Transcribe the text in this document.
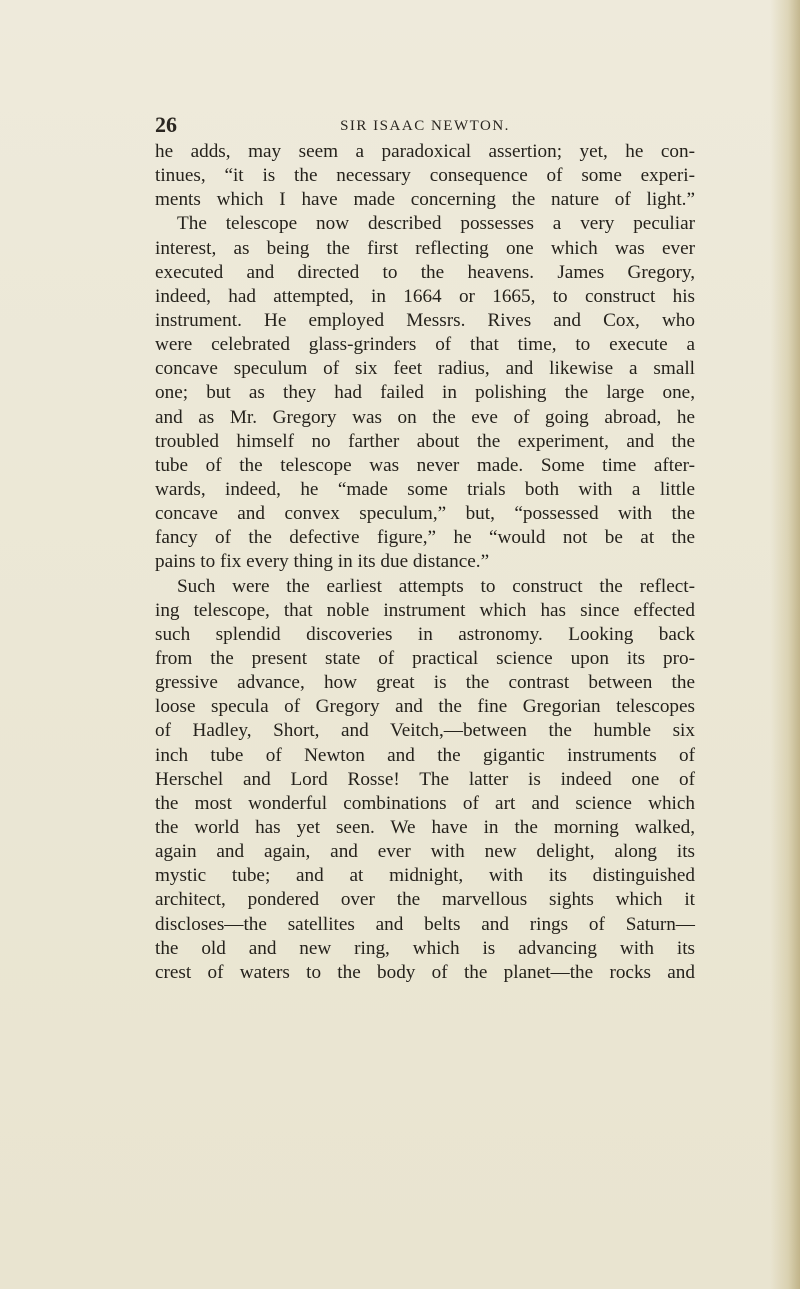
26	SIR ISAAC NEWTON.
he adds, may seem a paradoxical assertion; yet, he con-
tinues, “it is the necessary consequence of some experi-
ments which I have made concerning the nature of light.”
The telescope now described possesses a very peculiar
interest, as being the first reflecting one which was ever
executed and directed to the heavens. James Gregory,
indeed, had attempted, in 1664 or 1665, to construct his
instrument. He employed Messrs. Rives and Cox, who
were celebrated glass-grinders of that time, to execute a
concave speculum of six feet radius, and likewise a small
one; but as they had failed in polishing the large one,
and as Mr. Gregory was on the eve of going abroad, he
troubled himself no farther about the experiment, and the
tube of the telescope was never made. Some time after-
wards, indeed, he “made some trials both with a little
concave and convex speculum,” but, “possessed with the
fancy of the defective figure,” he “would not be at the
pains to fix every thing in its due distance.”
Such were the earliest attempts to construct the reflect-
ing telescope, that noble instrument which has since effected
such splendid discoveries in astronomy. Looking back
from the present state of practical science upon its pro-
gressive advance, how great is the contrast between the
loose specula of Gregory and the fine Gregorian telescopes
of Hadley, Short, and Veitch,—between the humble six
inch tube of Newton and the gigantic instruments of
Herschel and Lord Rosse! The latter is indeed one of
the most wonderful combinations of art and science which
the world has yet seen. We have in the morning walked,
again and again, and ever with new delight, along its
mystic tube; and at midnight, with its distinguished
architect, pondered over the marvellous sights which it
discloses—the satellites and belts and rings of Saturn—
the old and new ring, which is advancing with its
crest of waters to the body of the planet—the rocks and
